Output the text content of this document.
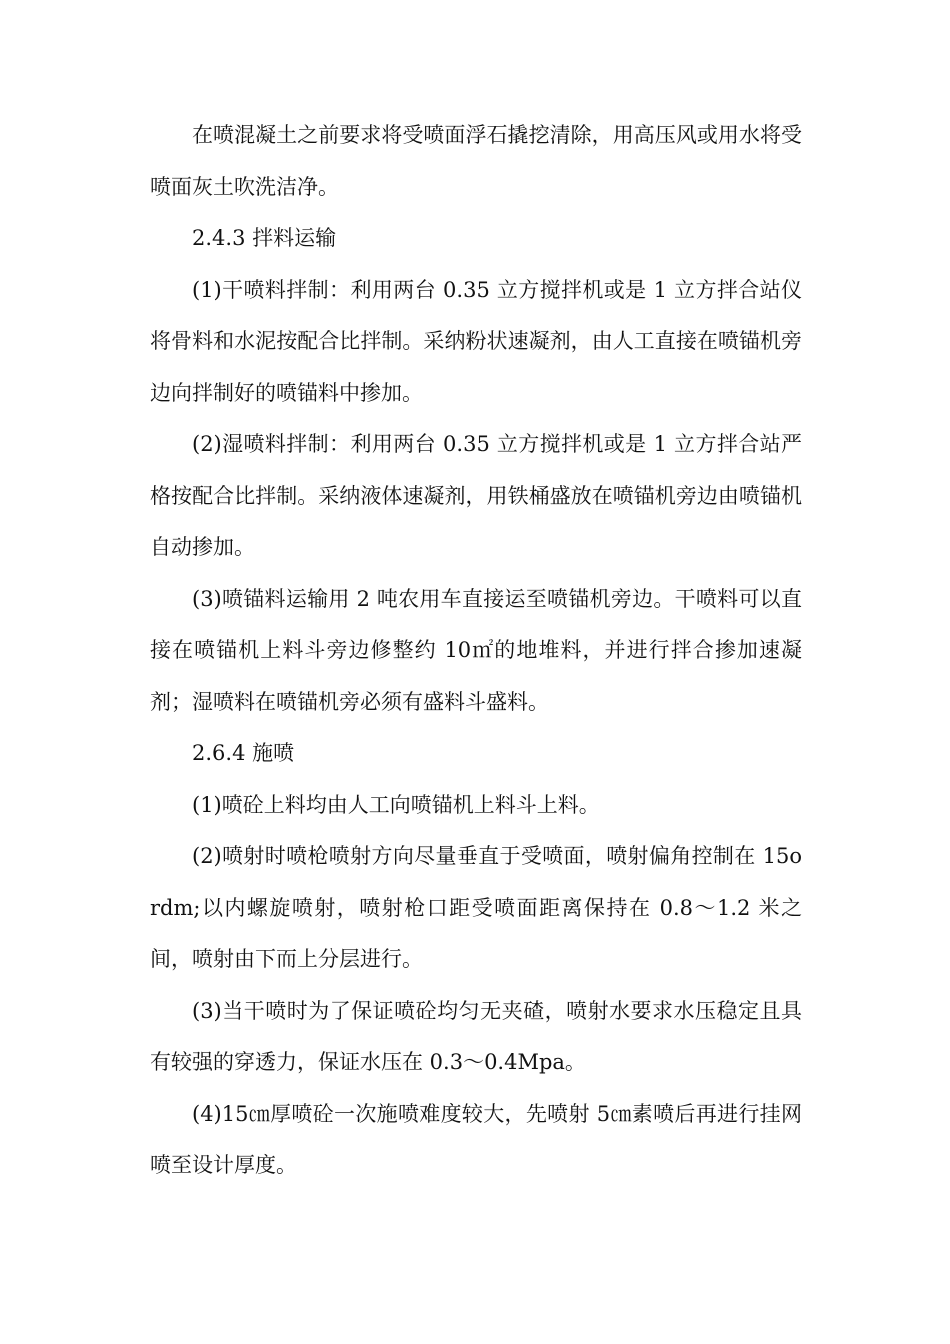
在喷混凝土之前要求将受喷面浮石撬挖清除，用高压风或用水将受喷面灰土吹洗洁净。

2.4.3 拌料运输

(1)干喷料拌制：利用两台 0.35 立方搅拌机或是 1 立方拌合站仪将骨料和水泥按配合比拌制。采纳粉状速凝剂，由人工直接在喷锚机旁边向拌制好的喷锚料中掺加。

(2)湿喷料拌制：利用两台 0.35 立方搅拌机或是 1 立方拌合站严格按配合比拌制。采纳液体速凝剂，用铁桶盛放在喷锚机旁边由喷锚机自动掺加。

(3)喷锚料运输用 2 吨农用车直接运至喷锚机旁边。干喷料可以直接在喷锚机上料斗旁边修整约 10㎡的地堆料，并进行拌合掺加速凝剂；湿喷料在喷锚机旁必须有盛料斗盛料。

2.6.4 施喷

(1)喷砼上料均由人工向喷锚机上料斗上料。

(2)喷射时喷枪喷射方向尽量垂直于受喷面，喷射偏角控制在 15ordm;以内螺旋喷射，喷射枪口距受喷面距离保持在 0.8～1.2 米之间，喷射由下而上分层进行。

(3)当干喷时为了保证喷砼均匀无夹碴，喷射水要求水压稳定且具有较强的穿透力，保证水压在 0.3～0.4Mpa。

(4)15㎝厚喷砼一次施喷难度较大，先喷射 5㎝素喷后再进行挂网喷至设计厚度。
